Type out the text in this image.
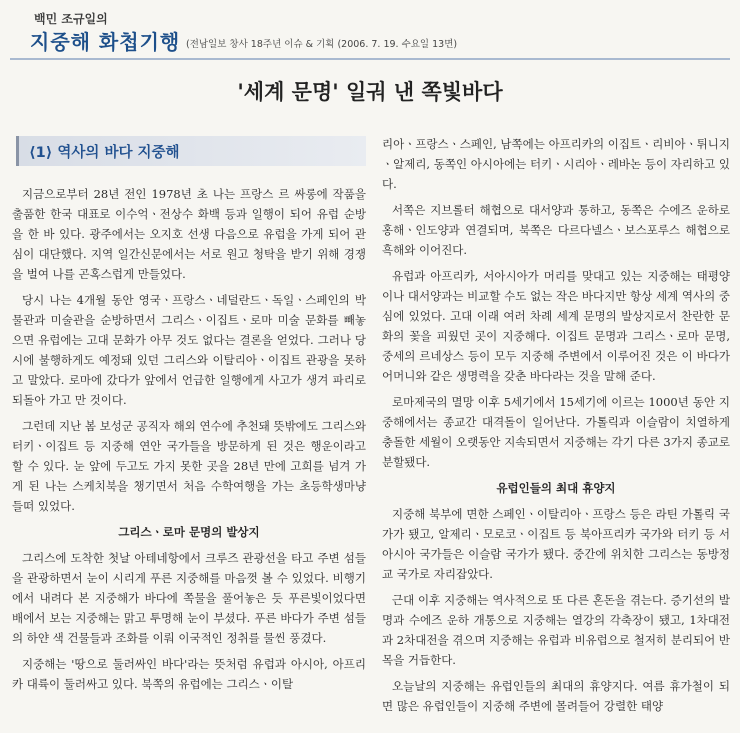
백민 조규일의
지중해 화첩기행 (전남일보 창사 18주년 이슈 & 기획 (2006. 7. 19. 수요일 13면)
'세계 문명' 일궈 낸 쪽빛바다
⟨1⟩ 역사의 바다 지중해

지금으로부터 28년 전인 1978년 초 나는 프랑스 르 싸롱에 작품을 출품한 한국 대표로 이수억ㆍ전상수 화백 등과 일행이 되어 유럽 순방을 한 바 있다. 광주에서는 오지호 선생 다음으로 유럽을 가게 되어 관심이 대단했다. 지역 일간신문에서는 서로 원고 청탁을 받기 위해 경쟁을 벌여 나를 곤혹스럽게 만들었다.

당시 나는 4개월 동안 영국ㆍ프랑스ㆍ네덜란드ㆍ독일ㆍ스페인의 박물관과 미술관을 순방하면서 그리스ㆍ이집트ㆍ로마 미술 문화를 빼놓으면 유럽에는 고대 문화가 아무 것도 없다는 결론을 얻었다. 그러나 당시에 불행하게도 예정돼 있던 그리스와 이탈리아ㆍ이집트 관광을 못하고 말았다. 로마에 갔다가 앞에서 언급한 일행에게 사고가 생겨 파리로 되돌아 가고 만 것이다.

그런데 지난 봄 보성군 공직자 해외 연수에 추천돼 뜻밖에도 그리스와 터키ㆍ이집트 등 지중해 연안 국가들을 방문하게 된 것은 행운이라고 할 수 있다. 눈 앞에 두고도 가지 못한 곳을 28년 만에 고희를 넘겨 가게 된 나는 스케치북을 챙기면서 처음 수학여행을 가는 초등학생마냥 들떠 있었다.

그리스ㆍ로마 문명의 발상지

그리스에 도착한 첫날 아테네항에서 크루즈 관광선을 타고 주변 섬들을 관광하면서 눈이 시리게 푸른 지중해를 마음껏 볼 수 있었다. 비행기에서 내려다 본 지중해가 바다에 쪽물을 풀어놓은 듯 푸른빛이었다면 배에서 보는 지중해는 맑고 투명해 눈이 부셨다. 푸른 바다가 주변 섬들의 하얀 색 건물들과 조화를 이뤄 이국적인 정취를 물씬 풍겼다.

지중해는 '땅으로 둘러싸인 바다'라는 뜻처럼 유럽과 아시아, 아프리카 대륙이 둘러싸고 있다. 북쪽의 유럽에는 그리스ㆍ이탈

리아ㆍ프랑스ㆍ스페인, 남쪽에는 아프리카의 이집트ㆍ리비아ㆍ튀니지ㆍ알제리, 동쪽인 아시아에는 터키ㆍ시리아ㆍ레바논 등이 자리하고 있다.

서쪽은 지브롤터 해협으로 대서양과 통하고, 동쪽은 수에즈 운하로 홍해ㆍ인도양과 연결되며, 북쪽은 다르다넬스ㆍ보스포루스 해협으로 흑해와 이어진다.

유럽과 아프리카, 서아시아가 머리를 맞대고 있는 지중해는 태평양이나 대서양과는 비교할 수도 없는 작은 바다지만 항상 세계 역사의 중심에 있었다. 고대 이래 여러 차례 세계 문명의 발상지로서 찬란한 문화의 꽃을 피웠던 곳이 지중해다. 이집트 문명과 그리스ㆍ로마 문명, 중세의 르네상스 등이 모두 지중해 주변에서 이루어진 것은 이 바다가 어머니와 같은 생명력을 갖춘 바다라는 것을 말해 준다.

로마제국의 멸망 이후 5세기에서 15세기에 이르는 1000년 동안 지중해에서는 종교간 대격돌이 일어난다. 가톨릭과 이슬람이 치열하게 충돌한 세월이 오랫동안 지속되면서 지중해는 각기 다른 3가지 종교로 분할됐다.

유럽인들의 최대 휴양지

지중해 북부에 면한 스페인ㆍ이탈리아ㆍ프랑스 등은 라틴 가톨릭 국가가 됐고, 알제리ㆍ모로코ㆍ이집트 등 북아프리카 국가와 터키 등 서아시아 국가들은 이슬람 국가가 됐다. 중간에 위치한 그리스는 동방정교 국가로 자리잡았다.

근대 이후 지중해는 역사적으로 또 다른 혼돈을 겪는다. 증기선의 발명과 수에즈 운하 개통으로 지중해는 열강의 각축장이 됐고, 1차대전과 2차대전을 겪으며 지중해는 유럽과 비유럽으로 철저히 분리되어 반목을 거듭한다.

오늘날의 지중해는 유럽인들의 최대의 휴양지다. 여름 휴가철이 되면 많은 유럽인들이 지중해 주변에 몰려들어 강렬한 태양
